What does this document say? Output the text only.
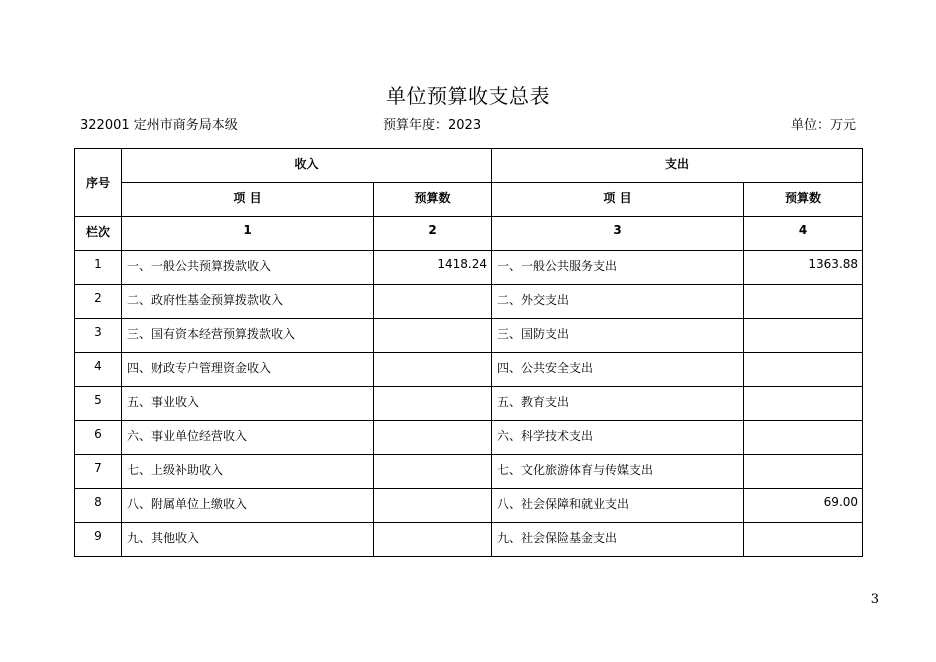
单位预算收支总表
322001 定州市商务局本级	预算年度：2023	单位：万元
序号	收入		支出	
	项 目	预算数	项 目	预算数
栏次	1	2	3	4
1	一、一般公共预算拨款收入	1418.24	一、一般公共服务支出	1363.88
2	二、政府性基金预算拨款收入		二、外交支出	
3	三、国有资本经营预算拨款收入		三、国防支出	
4	四、财政专户管理资金收入		四、公共安全支出	
5	五、事业收入		五、教育支出	
6	六、事业单位经营收入		六、科学技术支出	
7	七、上级补助收入		七、文化旅游体育与传媒支出	
8	八、附属单位上缴收入		八、社会保障和就业支出	69.00
9	九、其他收入		九、社会保险基金支出	
3
